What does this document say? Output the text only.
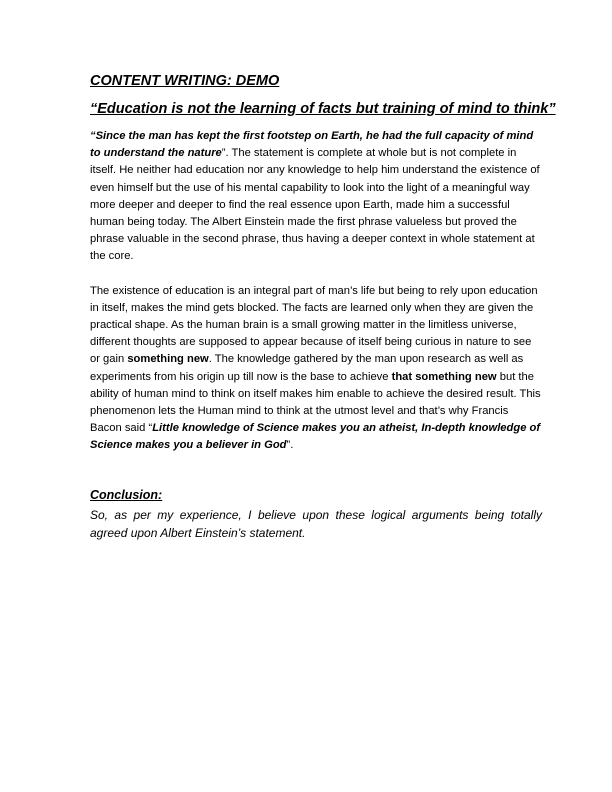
CONTENT WRITING: DEMO

“Education is not the learning of facts but training of mind to think”

“Since the man has kept the first footstep on Earth, he had the full capacity of mind to understand the nature”. The statement is complete at whole but is not complete in itself. He neither had education nor any knowledge to help him understand the existence of even himself but the use of his mental capability to look into the light of a meaningful way more deeper and deeper to find the real essence upon Earth, made him a successful human being today. The Albert Einstein made the first phrase valueless but proved the phrase valuable in the second phrase, thus having a deeper context in whole statement at the core.

The existence of education is an integral part of man’s life but being to rely upon education in itself, makes the mind gets blocked. The facts are learned only when they are given the practical shape. As the human brain is a small growing matter in the limitless universe, different thoughts are supposed to appear because of itself being curious in nature to see or gain something new. The knowledge gathered by the man upon research as well as experiments from his origin up till now is the base to achieve that something new but the ability of human mind to think on itself makes him enable to achieve the desired result. This phenomenon lets the Human mind to think at the utmost level and that’s why Francis Bacon said “Little knowledge of Science makes you an atheist, In-depth knowledge of Science makes you a believer in God”.

Conclusion:

So, as per my experience, I believe upon these logical arguments being totally agreed upon Albert Einstein’s statement.
